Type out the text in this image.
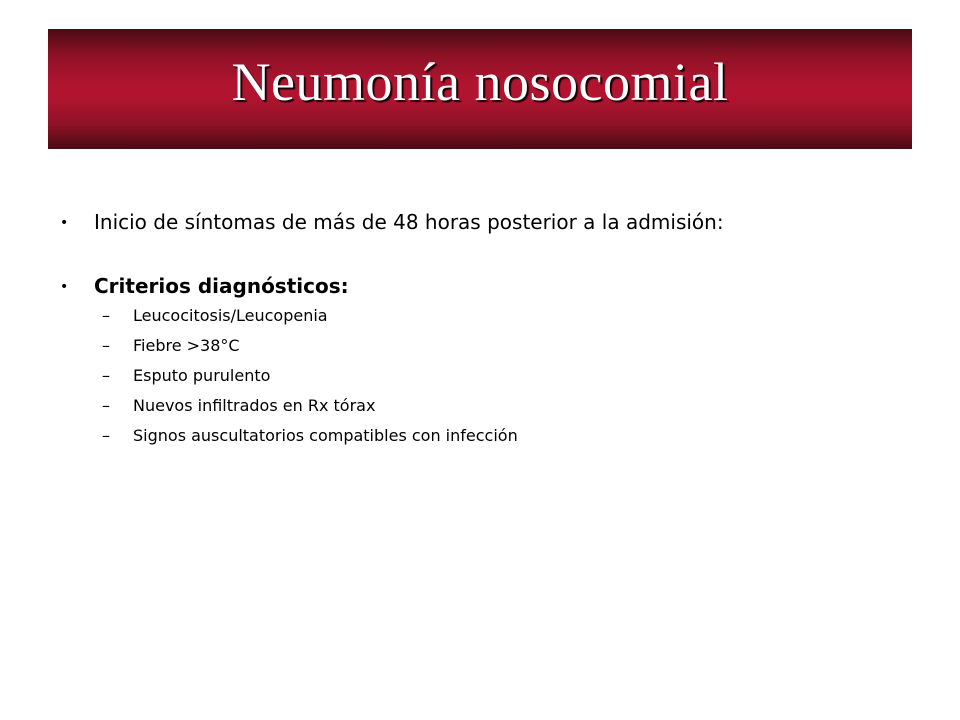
Neumonía nosocomial
•	Inicio de síntomas de más de 48 horas posterior a la admisión:
•	Criterios diagnósticos:
–	Leucocitosis/Leucopenia
–	Fiebre >38°C
–	Esputo purulento
–	Nuevos infiltrados en Rx tórax
–	Signos auscultatorios compatibles con infección
